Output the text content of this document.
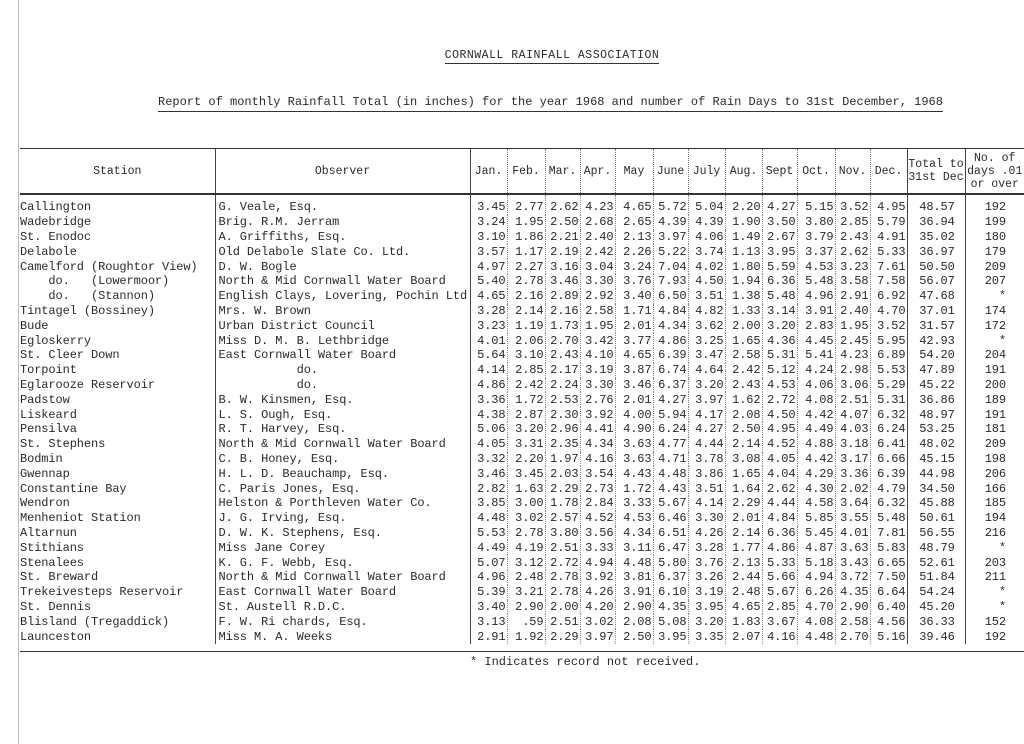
CORNWALL RAINFALL ASSOCIATION
Report of monthly Rainfall Total (in inches) for the year 1968 and number of Rain Days to 31st December, 1968
Station	Observer	Jan.	Feb.	Mar.	Apr.	May	June	July	Aug.	Sept	Oct.	Nov.	Dec.	Total to 31st Dec	No. of days .01 or over
Callington	G. Veale, Esq.	3.45	2.77	2.62	4.23	4.65	5.72	5.04	2.20	4.27	5.15	3.52	4.95	48.57	192
Wadebridge	Brig. R.M. Jerram	3.24	1.95	2.50	2.68	2.65	4.39	4.39	1.90	3.50	3.80	2.85	5.79	36.94	199
St. Enodoc	A. Griffiths, Esq.	3.10	1.86	2.21	2.40	2.13	3.97	4.06	1.49	2.67	3.79	2.43	4.91	35.02	180
Delabole	Old Delabole Slate Co. Ltd.	3.57	1.17	2.19	2.42	2.26	5.22	3.74	1.13	3.95	3.37	2.62	5.33	36.97	179
Camelford (Roughtor View)	D. W. Bogle	4.97	2.27	3.16	3.04	3.24	7.04	4.02	1.80	5.59	4.53	3.23	7.61	50.50	209
do.   (Lowermoor)	North & Mid Cornwall Water Board	5.40	2.78	3.46	3.30	3.76	7.93	4.50	1.94	6.36	5.48	3.58	7.58	56.07	207
do.   (Stannon)	English Clays, Lovering, Pochin Ltd	4.65	2.16	2.89	2.92	3.40	6.50	3.51	1.38	5.48	4.96	2.91	6.92	47.68	*
Tintagel (Bossiney)	Mrs. W. Brown	3.28	2.14	2.16	2.58	1.71	4.84	4.82	1.33	3.14	3.91	2.40	4.70	37.01	174
Bude	Urban District Council	3.23	1.19	1.73	1.95	2.01	4.34	3.62	2.00	3.20	2.83	1.95	3.52	31.57	172
Egloskerry	Miss D. M. B. Lethbridge	4.01	2.06	2.70	3.42	3.77	4.86	3.25	1.65	4.36	4.45	2.45	5.95	42.93	*
St. Cleer Down	East Cornwall Water Board	5.64	3.10	2.43	4.10	4.65	6.39	3.47	2.58	5.31	5.41	4.23	6.89	54.20	204
Torpoint	do.	4.14	2.85	2.17	3.19	3.87	6.74	4.64	2.42	5.12	4.24	2.98	5.53	47.89	191
Eglarooze Reservoir	do.	4.86	2.42	2.24	3.30	3.46	6.37	3.20	2.43	4.53	4.06	3.06	5.29	45.22	200
Padstow	B. W. Kinsmen, Esq.	3.36	1.72	2.53	2.76	2.01	4.27	3.97	1.62	2.72	4.08	2.51	5.31	36.86	189
Liskeard	L. S. Ough, Esq.	4.38	2.87	2.30	3.92	4.00	5.94	4.17	2.08	4.50	4.42	4.07	6.32	48.97	191
Pensilva	R. T. Harvey, Esq.	5.06	3.20	2.96	4.41	4.90	6.24	4.27	2.50	4.95	4.49	4.03	6.24	53.25	181
St. Stephens	North & Mid Cornwall Water Board	4.05	3.31	2.35	4.34	3.63	4.77	4.44	2.14	4.52	4.88	3.18	6.41	48.02	209
Bodmin	C. B. Honey, Esq.	3.32	2.20	1.97	4.16	3.63	4.71	3.78	3.08	4.05	4.42	3.17	6.66	45.15	198
Gwennap	H. L. D. Beauchamp, Esq.	3.46	3.45	2.03	3.54	4.43	4.48	3.86	1.65	4.04	4.29	3.36	6.39	44.98	206
Constantine Bay	C. Paris Jones, Esq.	2.82	1.63	2.29	2.73	1.72	4.43	3.51	1.64	2.62	4.30	2.02	4.79	34.50	166
Wendron	Helston & Porthleven Water Co.	3.85	3.00	1.78	2.84	3.33	5.67	4.14	2.29	4.44	4.58	3.64	6.32	45.88	185
Menheniot Station	J. G. Irving, Esq.	4.48	3.02	2.57	4.52	4.53	6.46	3.30	2.01	4.84	5.85	3.55	5.48	50.61	194
Altarnun	D. W. K. Stephens, Esq.	5.53	2.78	3.80	3.56	4.34	6.51	4.26	2.14	6.36	5.45	4.01	7.81	56.55	216
Stithians	Miss Jane Corey	4.49	4.19	2.51	3.33	3.11	6.47	3.28	1.77	4.86	4.87	3.63	5.83	48.79	*
Stenalees	K. G. F. Webb, Esq.	5.07	3.12	2.72	4.94	4.48	5.80	3.76	2.13	5.33	5.18	3.43	6.65	52.61	203
St. Breward	North & Mid Cornwall Water Board	4.96	2.48	2.78	3.92	3.81	6.37	3.26	2.44	5.66	4.94	3.72	7.50	51.84	211
Trekeivesteps Reservoir	East Cornwall Water Board	5.39	3.21	2.78	4.26	3.91	6.10	3.19	2.48	5.67	6.26	4.35	6.64	54.24	*
St. Dennis	St. Austell R.D.C.	3.40	2.90	2.00	4.20	2.90	4.35	3.95	4.65	2.85	4.70	2.90	6.40	45.20	*
Blisland (Tregaddick)	F. W. Ri chards, Esq.	3.13	.59	2.51	3.02	2.08	5.08	3.20	1.83	3.67	4.08	2.58	4.56	36.33	152
Launceston	Miss M. A. Weeks	2.91	1.92	2.29	3.97	2.50	3.95	3.35	2.07	4.16	4.48	2.70	5.16	39.46	192
* Indicates record not received.
